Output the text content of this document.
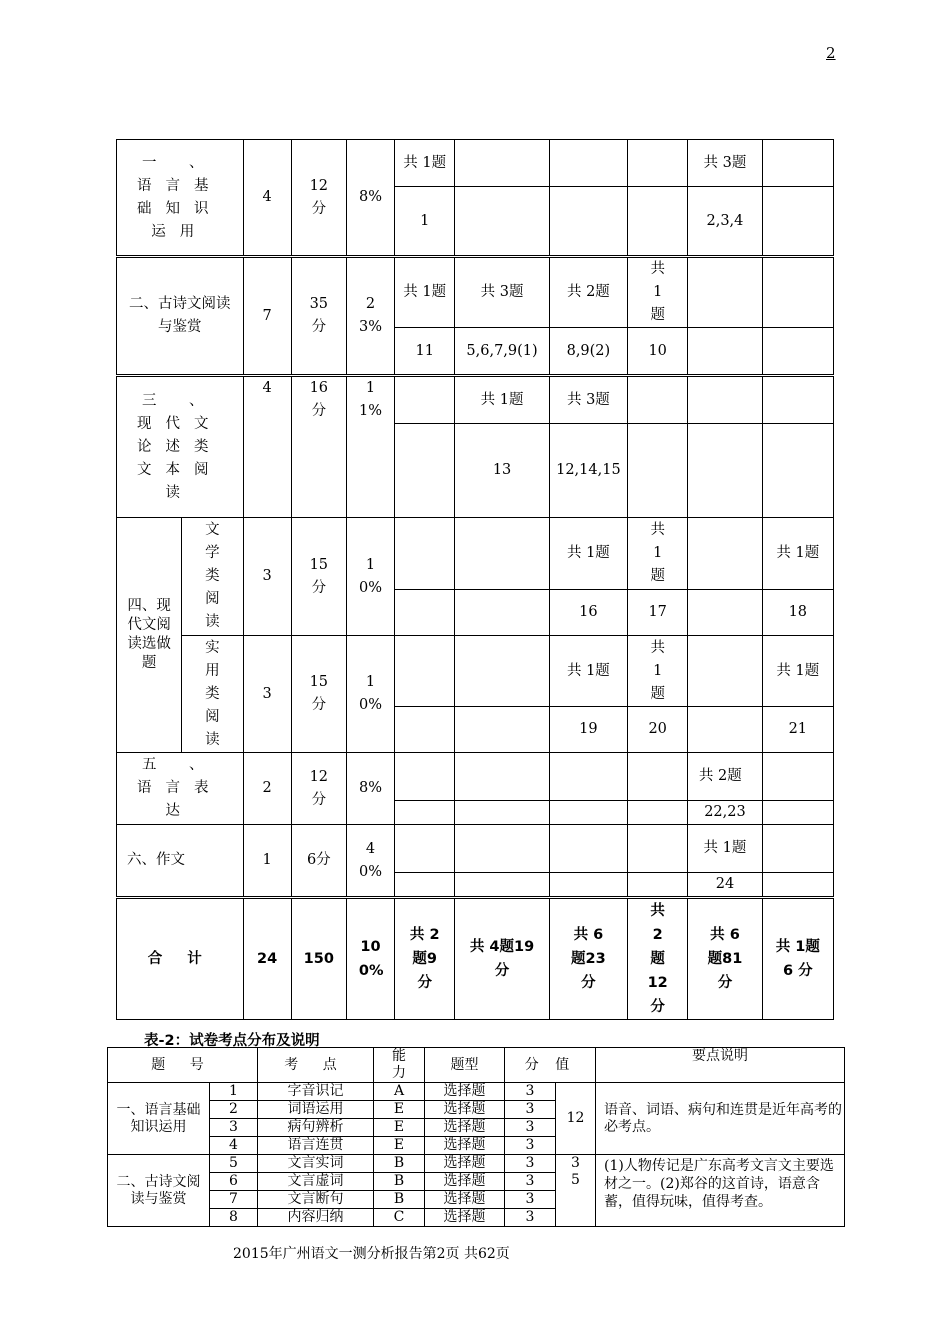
2
一 、 语言基础知识运用		4	12分	8%	共 1题				共 3题	

					1				2,3,4	

二、古诗文阅读与鉴赏		7	35分	23%	共 1题	共 3题	共 2题	共1题		

					11	5,6,7,9(1)	8,9(2)	10		

三 、 现代文论述类文本阅读		4	16分	11%		共 1题	共 3题			

						13	12,14,15			

四、现代文阅读选做题	文学类阅读	3	15分	10%			共 1题	共1题		共 1题

							16	17		18

	实用类阅读	3	15分	10%			共 1题	共1题		共 1题

							19	20		21

五 、 语言表达		2	12分	8%					共 2题	

									22,23	
六、作文		1	6分	40%					共 1题	

									24	
合 计		24	150	100%	共 2题9分	共 4题19 分	共 6题23分	共2题12分	共 6题81分	共 1题6 分
表-2：试卷考点分布及说明
题 号		考 点	能力	题型	分 值		要点说明

一、语言基础知识运用	1	字音识记	A	选择题	3	12	语音、词语、病句和连贯是近年高考的必考点。
	2	词语运用	E	选择题	3		
	3	病句辨析	E	选择题	3		
	4	语言连贯	E	选择题	3		

二、古诗文阅读与鉴赏	5	文言实词	B	选择题	3	35	(1)人物传记是广东高考文言文主要选材之一。(2)郑谷的这首诗，语意含蓄，值得玩味，值得考查。
	6	文言虚词	B	选择题	3		
	7	文言断句	B	选择题	3		
	8	内容归纳	C	选择题	3		
2015年广州语文一测分析报告第2页 共62页
